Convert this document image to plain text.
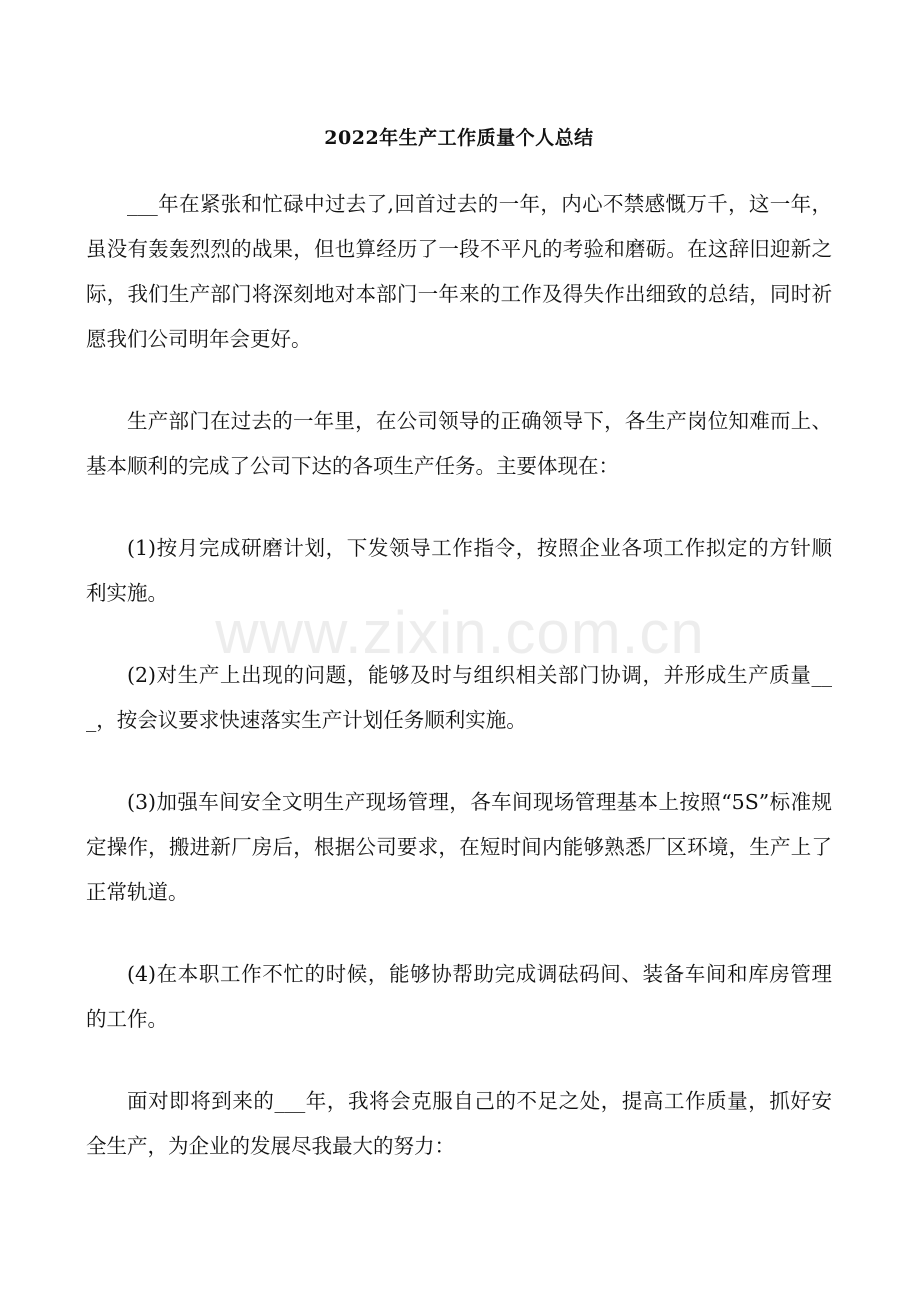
2022年生产工作质量个人总结

___年在紧张和忙碌中过去了,回首过去的一年，内心不禁感慨万千，这一年，虽没有轰轰烈烈的战果，但也算经历了一段不平凡的考验和磨砺。在这辞旧迎新之际，我们生产部门将深刻地对本部门一年来的工作及得失作出细致的总结，同时祈愿我们公司明年会更好。

生产部门在过去的一年里，在公司领导的正确领导下，各生产岗位知难而上、基本顺利的完成了公司下达的各项生产任务。主要体现在：

(1)按月完成研磨计划，下发领导工作指令，按照企业各项工作拟定的方针顺利实施。

(2)对生产上出现的问题，能够及时与组织相关部门协调，并形成生产质量___，按会议要求快速落实生产计划任务顺利实施。

(3)加强车间安全文明生产现场管理，各车间现场管理基本上按照“5S”标准规定操作，搬进新厂房后，根据公司要求，在短时间内能够熟悉厂区环境，生产上了正常轨道。

(4)在本职工作不忙的时候，能够协帮助完成调砝码间、装备车间和库房管理的工作。

面对即将到来的___年，我将会克服自己的不足之处，提高工作质量，抓好安全生产，为企业的发展尽我最大的努力：

www.zixin.com.cn
